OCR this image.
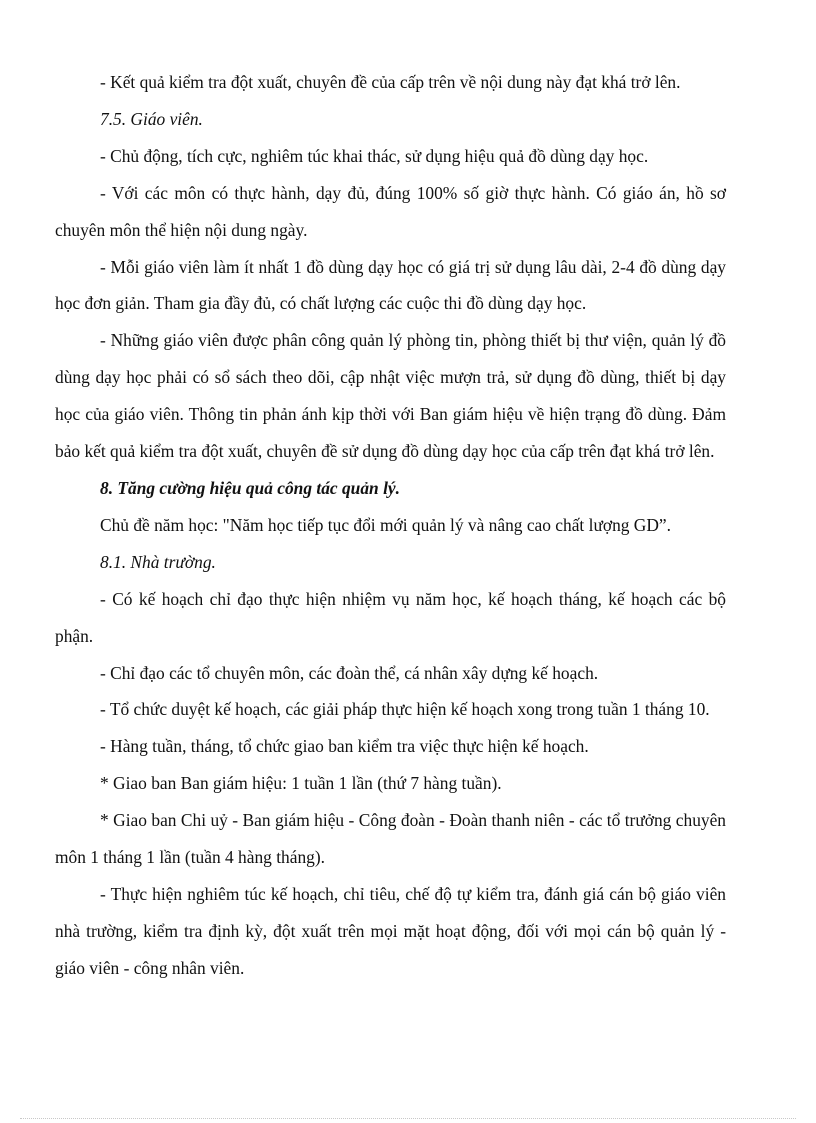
- Kết quả kiểm tra đột xuất, chuyên đề của cấp trên về nội dung này đạt khá trở lên.

7.5. Giáo viên.

- Chủ động, tích cực, nghiêm túc khai thác, sử dụng hiệu quả đồ dùng dạy học.

- Với các môn có thực hành, dạy đủ, đúng 100% số giờ thực hành. Có giáo án, hồ sơ chuyên môn thể hiện nội dung ngày.

- Mỗi giáo viên làm ít nhất 1 đồ dùng dạy học có giá trị sử dụng lâu dài, 2-4 đồ dùng dạy học đơn giản. Tham gia đầy đủ, có chất lượng các cuộc thi đồ dùng dạy học.

- Những giáo viên được phân công quản lý phòng tin, phòng thiết bị thư viện, quản lý đồ dùng dạy học phải có sổ sách theo dõi, cập nhật việc mượn trả, sử dụng đồ dùng, thiết bị dạy học của giáo viên. Thông tin phản ánh kịp thời với Ban giám hiệu về hiện trạng đồ dùng. Đảm bảo kết quả kiểm tra đột xuất, chuyên đề sử dụng đồ dùng dạy học của cấp trên đạt khá trở lên.

8. Tăng cường hiệu quả công tác quản lý.

Chủ đề năm học: "Năm học tiếp tục đổi mới quản lý và nâng cao chất lượng GD”.

8.1. Nhà trường.

- Có kế hoạch chỉ đạo thực hiện nhiệm vụ năm học, kế hoạch tháng, kế hoạch các bộ phận.

- Chỉ đạo các tổ chuyên môn, các đoàn thể, cá nhân xây dựng kế hoạch.

- Tổ chức duyệt kế hoạch, các giải pháp thực hiện kế hoạch xong trong tuần 1 tháng 10.

- Hàng tuần, tháng, tổ chức giao ban kiểm tra việc thực hiện kế hoạch.

* Giao ban Ban giám hiệu: 1 tuần 1 lần (thứ 7 hàng tuần).

* Giao ban Chi uỷ - Ban giám hiệu - Công đoàn - Đoàn thanh niên - các tổ trưởng chuyên môn 1 tháng 1 lần (tuần 4 hàng tháng).

- Thực hiện nghiêm túc kế hoạch, chỉ tiêu, chế độ tự kiểm tra, đánh giá cán bộ giáo viên nhà trường, kiểm tra định kỳ, đột xuất trên mọi mặt hoạt động, đối với mọi cán bộ quản lý - giáo viên - công nhân viên.
